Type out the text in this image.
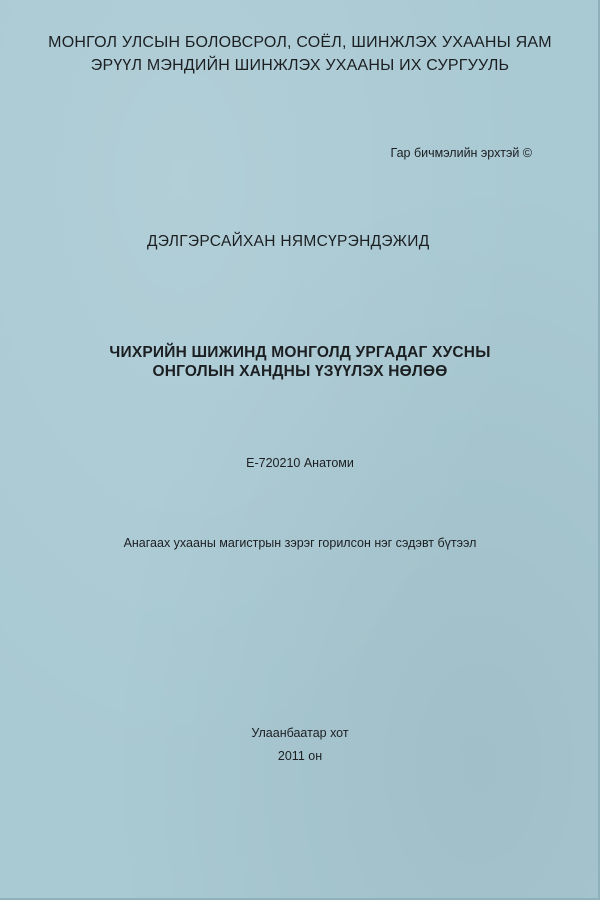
МОНГОЛ УЛСЫН БОЛОВСРОЛ, СОЁЛ, ШИНЖЛЭХ УХААНЫ ЯАМ
ЭРҮҮЛ МЭНДИЙН ШИНЖЛЭХ УХААНЫ ИХ СУРГУУЛЬ
Гар бичмэлийн эрхтэй ©
ДЭЛГЭРСАЙХАН НЯМСҮРЭНДЭЖИД
ЧИХРИЙН ШИЖИНД МОНГОЛД УРГАДАГ ХУСНЫ
ОНГОЛЫН ХАНДНЫ ҮЗҮҮЛЭХ НӨЛӨӨ
Е-720210 Анатоми
Анагаах ухааны магистрын зэрэг горилсон нэг сэдэвт бүтээл
Улаанбаатар хот
2011 он
